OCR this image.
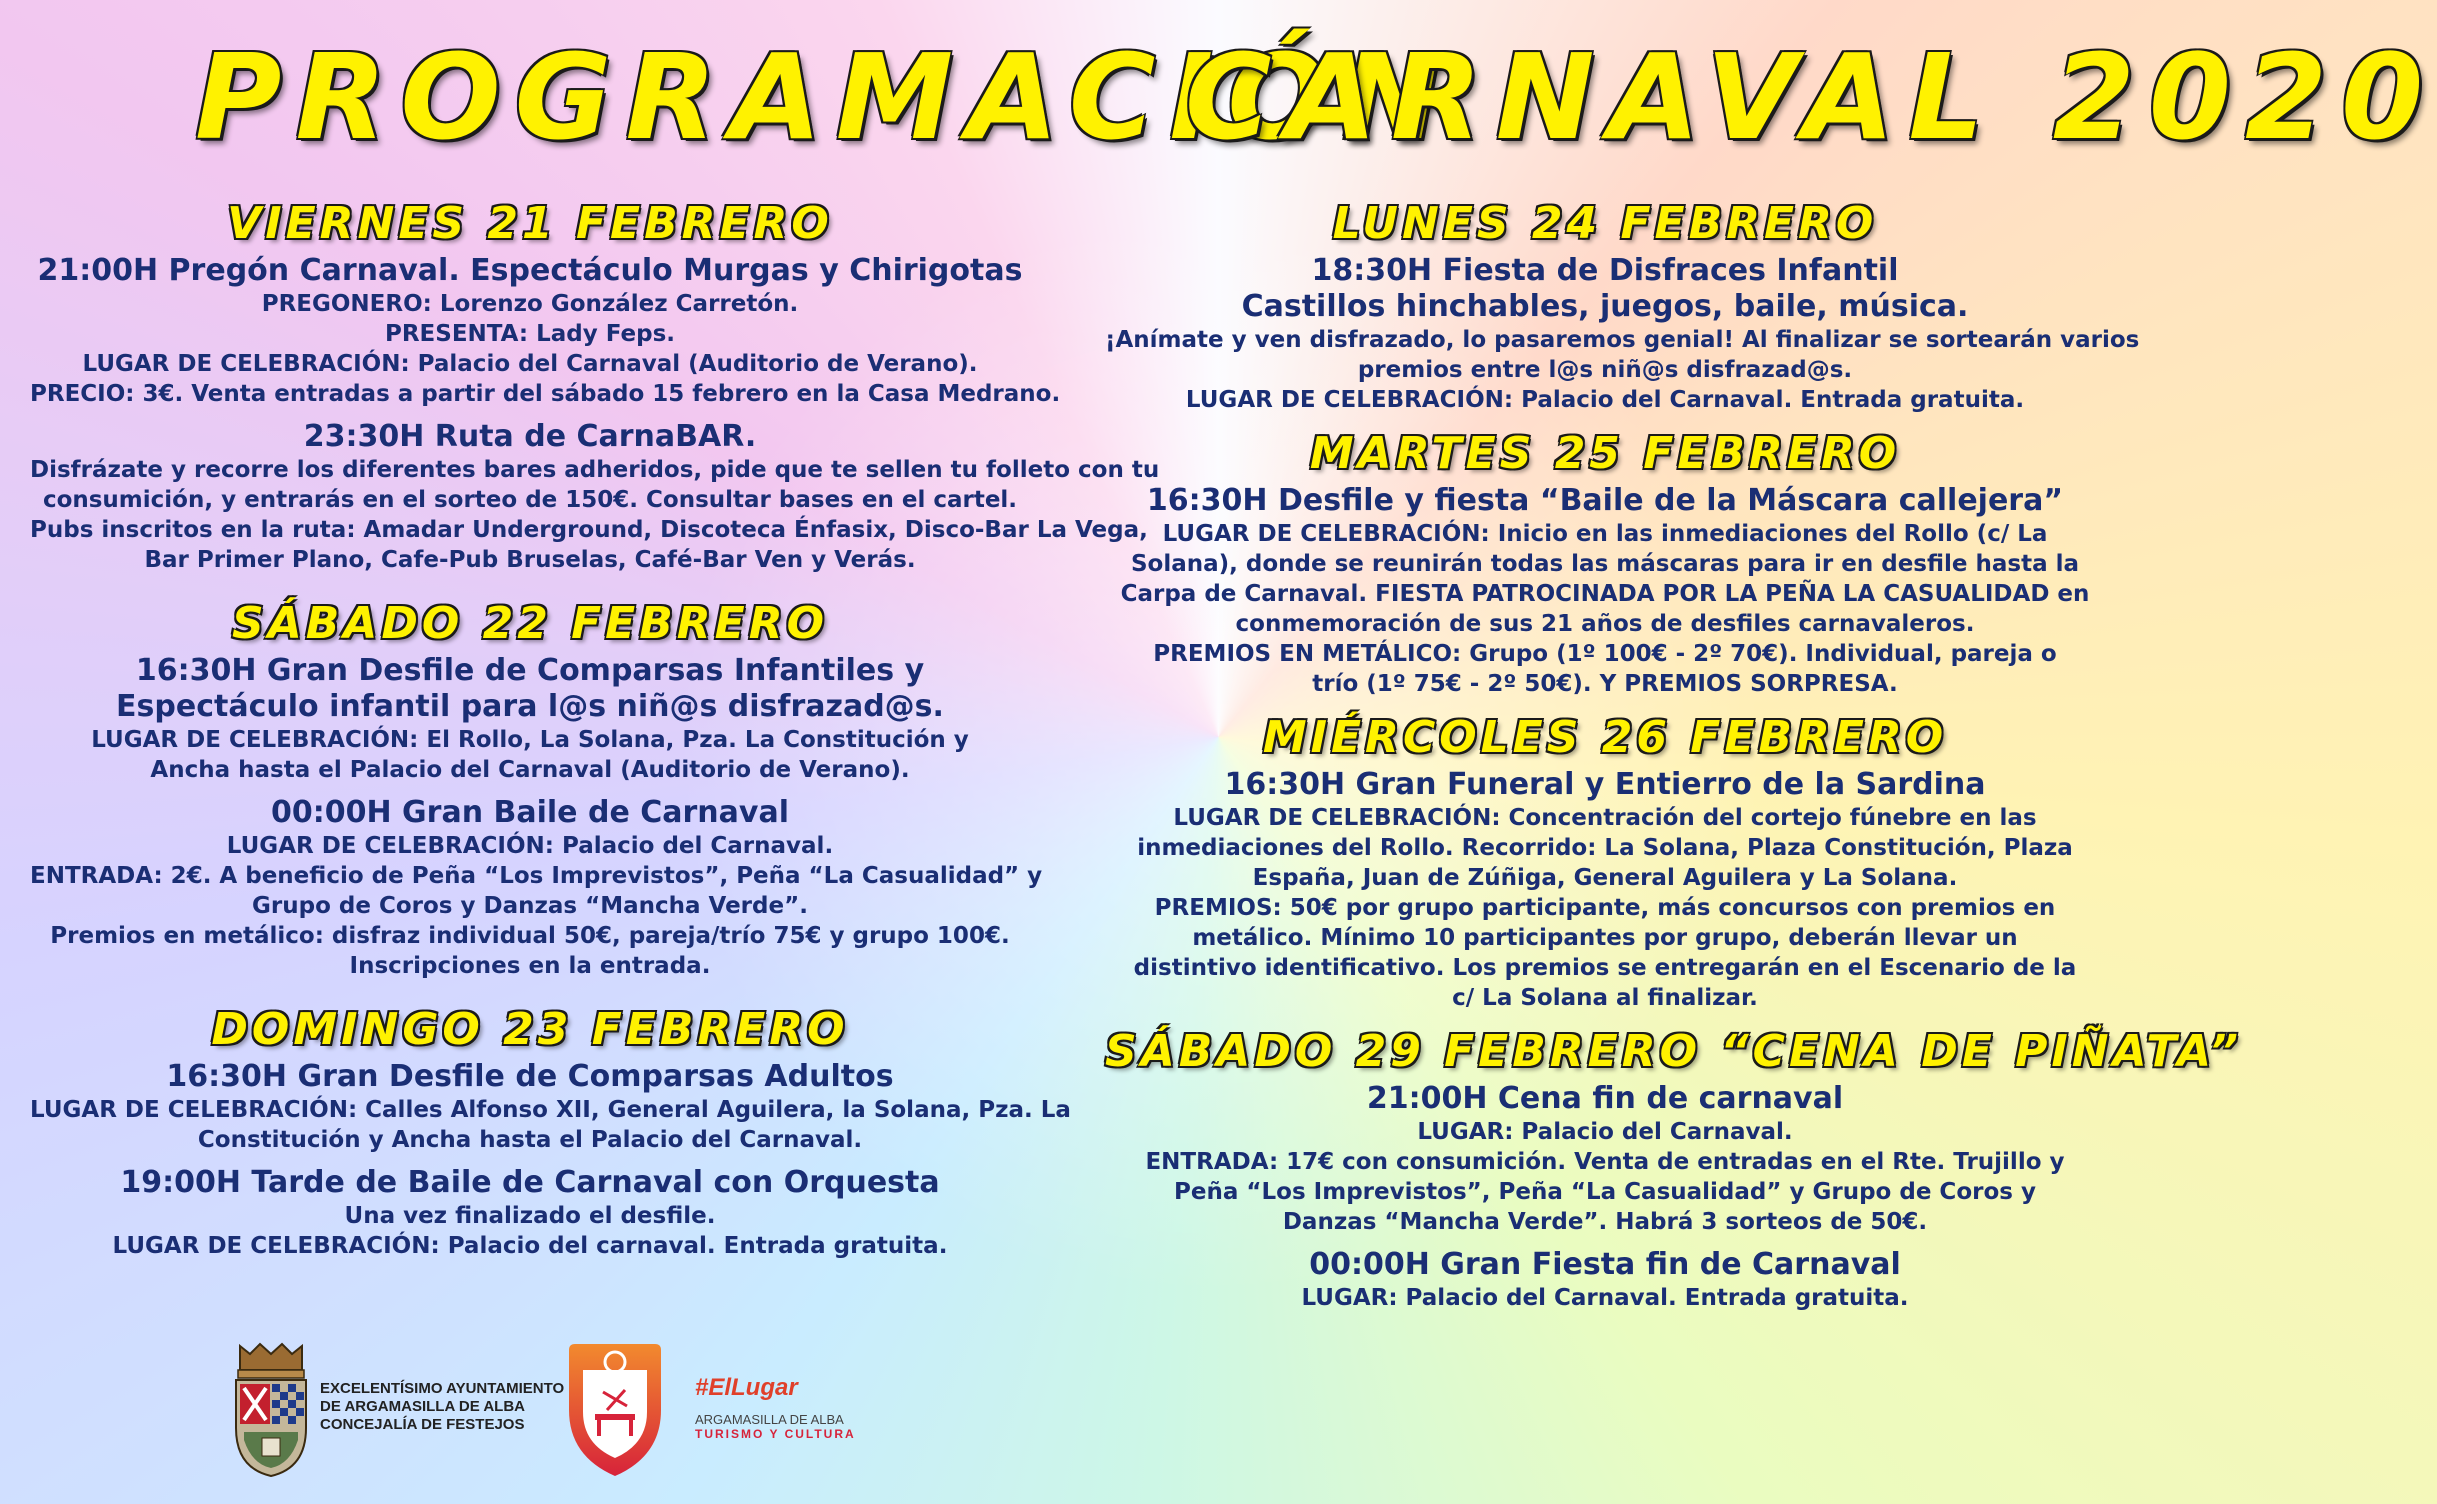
PROGRAMACIÓN
CARNAVAL 2020
VIERNES 21 FEBRERO
21:00H Pregón Carnaval. Espectáculo Murgas y Chirigotas
PREGONERO: Lorenzo González Carretón.
PRESENTA: Lady Feps.
LUGAR DE CELEBRACIÓN: Palacio del Carnaval (Auditorio de Verano).
PRECIO: 3€. Venta entradas a partir del sábado 15 febrero en la Casa Medrano.
23:30H Ruta de CarnaBAR.
Disfrázate y recorre los diferentes bares adheridos, pide que te sellen tu folleto con tu
consumición, y entrarás en el sorteo de 150€. Consultar bases en el cartel.
Pubs inscritos en la ruta: Amadar Underground, Discoteca Énfasix, Disco-Bar La Vega,
Bar Primer Plano, Cafe-Pub Bruselas, Café-Bar Ven y Verás.
SÁBADO 22 FEBRERO
16:30H Gran Desfile de Comparsas Infantiles y
Espectáculo infantil para l@s niñ@s disfrazad@s.
LUGAR DE CELEBRACIÓN: El Rollo, La Solana, Pza. La Constitución y
Ancha hasta el Palacio del Carnaval (Auditorio de Verano).
00:00H Gran Baile de Carnaval
LUGAR DE CELEBRACIÓN: Palacio del Carnaval.
ENTRADA: 2€. A beneficio de Peña “Los Imprevistos”, Peña “La Casualidad” y
Grupo de Coros y Danzas “Mancha Verde”.
Premios en metálico: disfraz individual 50€, pareja/trío 75€ y grupo 100€.
Inscripciones en la entrada.
DOMINGO 23 FEBRERO
16:30H Gran Desfile de Comparsas Adultos
LUGAR DE CELEBRACIÓN: Calles Alfonso XII, General Aguilera, la Solana, Pza. La
Constitución y Ancha hasta el Palacio del Carnaval.
19:00H Tarde de Baile de Carnaval con Orquesta
Una vez finalizado el desfile.
LUGAR DE CELEBRACIÓN: Palacio del carnaval. Entrada gratuita.
LUNES 24 FEBRERO
18:30H Fiesta de Disfraces Infantil
Castillos hinchables, juegos, baile, música.
¡Anímate y ven disfrazado, lo pasaremos genial! Al finalizar se sortearán varios
premios entre l@s niñ@s disfrazad@s.
LUGAR DE CELEBRACIÓN: Palacio del Carnaval. Entrada gratuita.
MARTES 25 FEBRERO
16:30H Desfile y fiesta “Baile de la Máscara callejera”
LUGAR DE CELEBRACIÓN: Inicio en las inmediaciones del Rollo (c/ La
Solana), donde se reunirán todas las máscaras para ir en desfile hasta la
Carpa de Carnaval. FIESTA PATROCINADA POR LA PEÑA LA CASUALIDAD en
conmemoración de sus 21 años de desfiles carnavaleros.
PREMIOS EN METÁLICO: Grupo (1º 100€ - 2º 70€). Individual, pareja o
trío (1º 75€ - 2º 50€). Y PREMIOS SORPRESA.
MIÉRCOLES 26 FEBRERO
16:30H Gran Funeral y Entierro de la Sardina
LUGAR DE CELEBRACIÓN: Concentración del cortejo fúnebre en las
inmediaciones del Rollo. Recorrido: La Solana, Plaza Constitución, Plaza
España, Juan de Zúñiga, General Aguilera y La Solana.
PREMIOS: 50€ por grupo participante, más concursos con premios en
metálico. Mínimo 10 participantes por grupo, deberán llevar un
distintivo identificativo. Los premios se entregarán en el Escenario de la
c/ La Solana al finalizar.
SÁBADO 29 FEBRERO “CENA DE PIÑATA”
21:00H Cena fin de carnaval
LUGAR: Palacio del Carnaval.
ENTRADA: 17€ con consumición. Venta de entradas en el Rte. Trujillo y
Peña “Los Imprevistos”, Peña “La Casualidad” y Grupo de Coros y
Danzas “Mancha Verde”. Habrá 3 sorteos de 50€.
00:00H Gran Fiesta fin de Carnaval
LUGAR: Palacio del Carnaval. Entrada gratuita.
EXCELENTÍSIMO AYUNTAMIENTO
DE ARGAMASILLA DE ALBA
CONCEJALÍA DE FESTEJOS
#ElLugar
ARGAMASILLA DE ALBA
TURISMO Y CULTURA
